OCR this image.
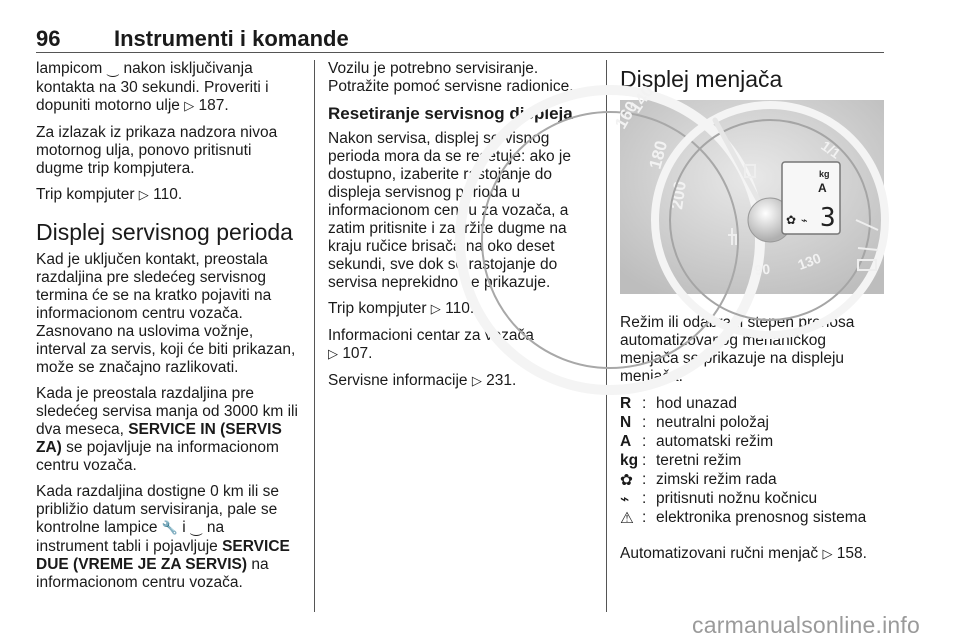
96 Instrumenti i komande

lampicom ⏝ nakon isključivanja kontakta na 30 sekundi. Proveriti i dopuniti motorno ulje ▷ 187.

Za izlazak iz prikaza nadzora nivoa motornog ulja, ponovo pritisnuti dugme trip kompjutera.

Trip kompjuter ▷ 110.

Displej servisnog perioda

Kad je uključen kontakt, preostala razdaljina pre sledećeg servisnog termina će se na kratko pojaviti na informacionom centru vozača. Zasnovano na uslovima vožnje, interval za servis, koji će biti prikazan, može se značajno razlikovati.

Kada je preostala razdaljina pre sledećeg servisa manja od 3000 km ili dva meseca, SERVICE IN (SERVIS ZA) se pojavljuje na informacionom centru vozača.

Kada razdaljina dostigne 0 km ili se približio datum servisiranja, pale se kontrolne lampice 🔧 i ⏝ na instrument tabli i pojavljuje SERVICE DUE (VREME JE ZA SERVIS) na informacionom centru vozača.

Vozilu je potrebno servisiranje. Potražite pomoć servisne radionice.

Resetiranje servisnog displeja

Nakon servisa, displej servisnog perioda mora da se resetuje: ako je dostupno, izaberite rastojanje do displeja servisnog perioda u informacionom centru za vozača, a zatim pritisnite i zadržite dugme na kraju ručice brisača na oko deset sekundi, sve dok se rastojanje do servisa neprekidno ne prikazuje.

Trip kompjuter ▷ 110.

Informacioni centar za vozača
▷ 107.

Servisne informacije ▷ 231.

Displej menjača
160
180
200
140
1/1
130
90
kg
A
✿ ⌁ 3

Režim ili odabrani stepen prenosa automatizovanog mehaničkog menjača se prikazuje na displeju menjača.

R : hod unazad
N : neutralni položaj
A : automatski režim
kg : teretni režim
✿ : zimski režim rada
⌁ : pritisnuti nožnu kočnicu
⚠ : elektronika prenosnog sistema

Automatizovani ručni menjač ▷ 158.

carmanualsonline.info
